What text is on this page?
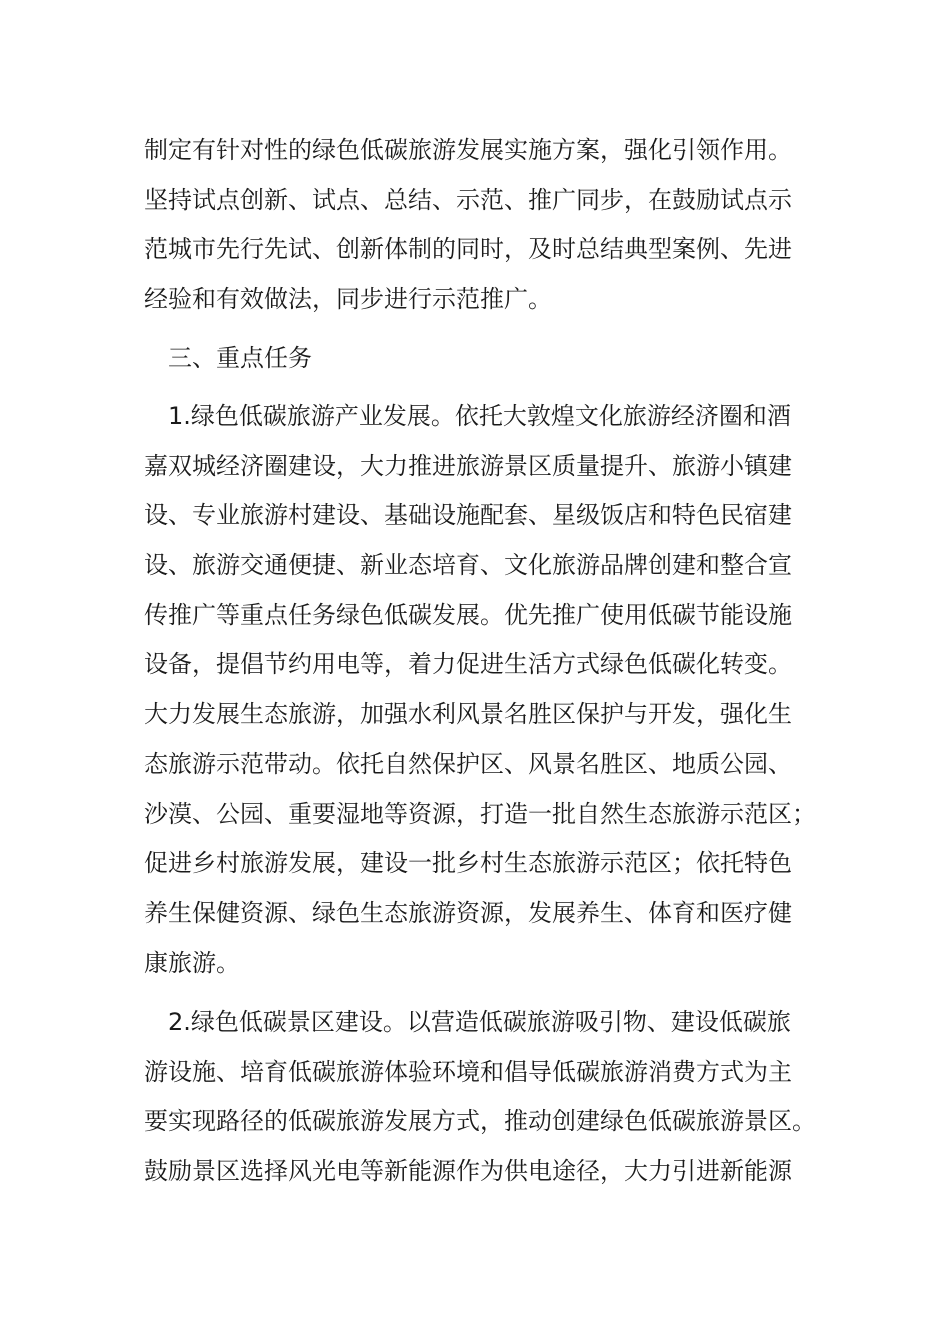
制定有针对性的绿色低碳旅游发展实施方案，强化引领作用。
坚持试点创新、试点、总结、示范、推广同步，在鼓励试点示
范城市先行先试、创新体制的同时，及时总结典型案例、先进
经验和有效做法，同步进行示范推广。
　三、重点任务
　1.绿色低碳旅游产业发展。依托大敦煌文化旅游经济圈和酒
嘉双城经济圈建设，大力推进旅游景区质量提升、旅游小镇建
设、专业旅游村建设、基础设施配套、星级饭店和特色民宿建
设、旅游交通便捷、新业态培育、文化旅游品牌创建和整合宣
传推广等重点任务绿色低碳发展。优先推广使用低碳节能设施
设备，提倡节约用电等，着力促进生活方式绿色低碳化转变。
大力发展生态旅游，加强水利风景名胜区保护与开发，强化生
态旅游示范带动。依托自然保护区、风景名胜区、地质公园、
沙漠、公园、重要湿地等资源，打造一批自然生态旅游示范区；
促进乡村旅游发展，建设一批乡村生态旅游示范区；依托特色
养生保健资源、绿色生态旅游资源，发展养生、体育和医疗健
康旅游。
　2.绿色低碳景区建设。以营造低碳旅游吸引物、建设低碳旅
游设施、培育低碳旅游体验环境和倡导低碳旅游消费方式为主
要实现路径的低碳旅游发展方式，推动创建绿色低碳旅游景区。
鼓励景区选择风光电等新能源作为供电途径，大力引进新能源
